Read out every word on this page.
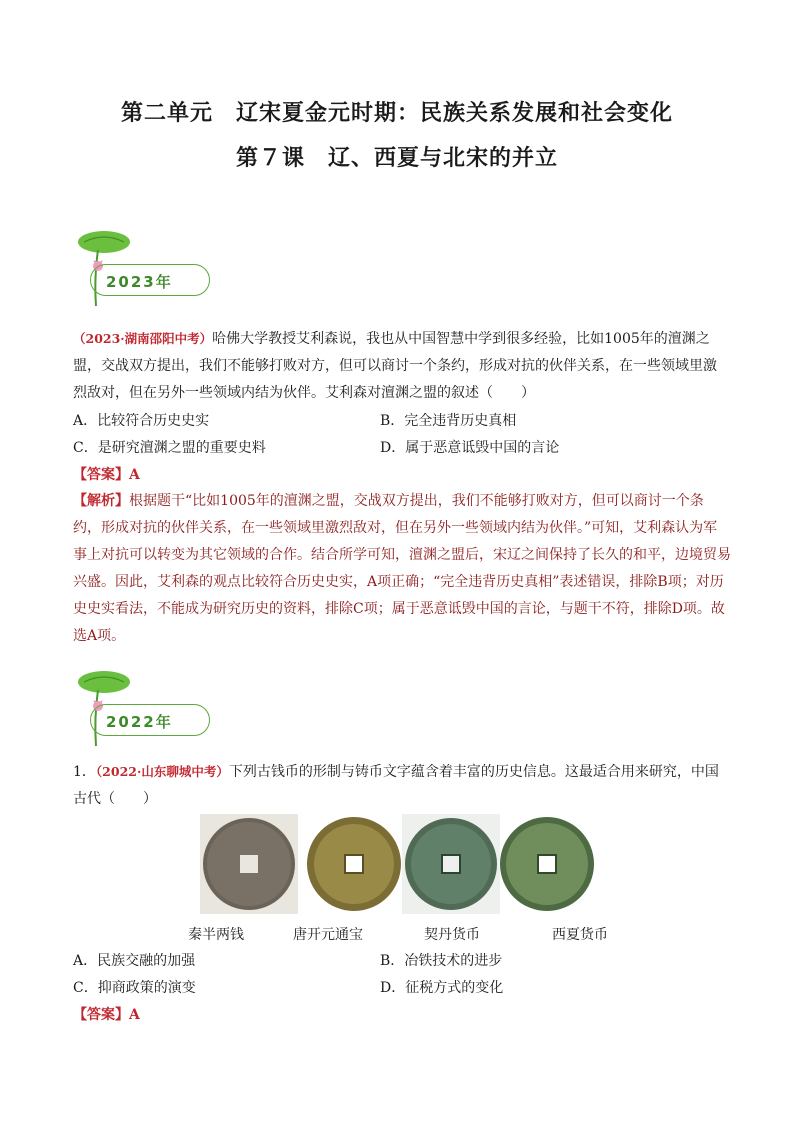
第二单元　辽宋夏金元时期：民族关系发展和社会变化
第７课　辽、西夏与北宋的并立
2023年
（2023·湖南邵阳中考）哈佛大学教授艾利森说，我也从中国智慧中学到很多经验，比如1005年的澶渊之盟，交战双方提出，我们不能够打败对方，但可以商讨一个条约，形成对抗的伙伴关系，在一些领域里激烈敌对，但在另外一些领域内结为伙伴。艾利森对澶渊之盟的叙述（　　）
A．比较符合历史史实	B．完全违背历史真相
C．是研究澶渊之盟的重要史料	D．属于恶意诋毁中国的言论
【答案】A
【解析】根据题干“比如1005年的澶渊之盟，交战双方提出，我们不能够打败对方，但可以商讨一个条约，形成对抗的伙伴关系，在一些领域里激烈敌对，但在另外一些领域内结为伙伴。”可知，艾利森认为军事上对抗可以转变为其它领域的合作。结合所学可知，澶渊之盟后，宋辽之间保持了长久的和平，边境贸易兴盛。因此，艾利森的观点比较符合历史史实，A项正确；“完全违背历史真相”表述错误，排除B项；对历史史实看法，不能成为研究历史的资料，排除C项；属于恶意诋毁中国的言论，与题干不符，排除D项。故选A项。
2022年
1．（2022·山东聊城中考）下列古钱币的形制与铸币文字蕴含着丰富的历史信息。这最适合用来研究，中国古代（　　）
秦半两钱	唐开元通宝	契丹货币	西夏货币
A．民族交融的加强	B．冶铁技术的进步
C．抑商政策的演变	D．征税方式的变化
【答案】A
